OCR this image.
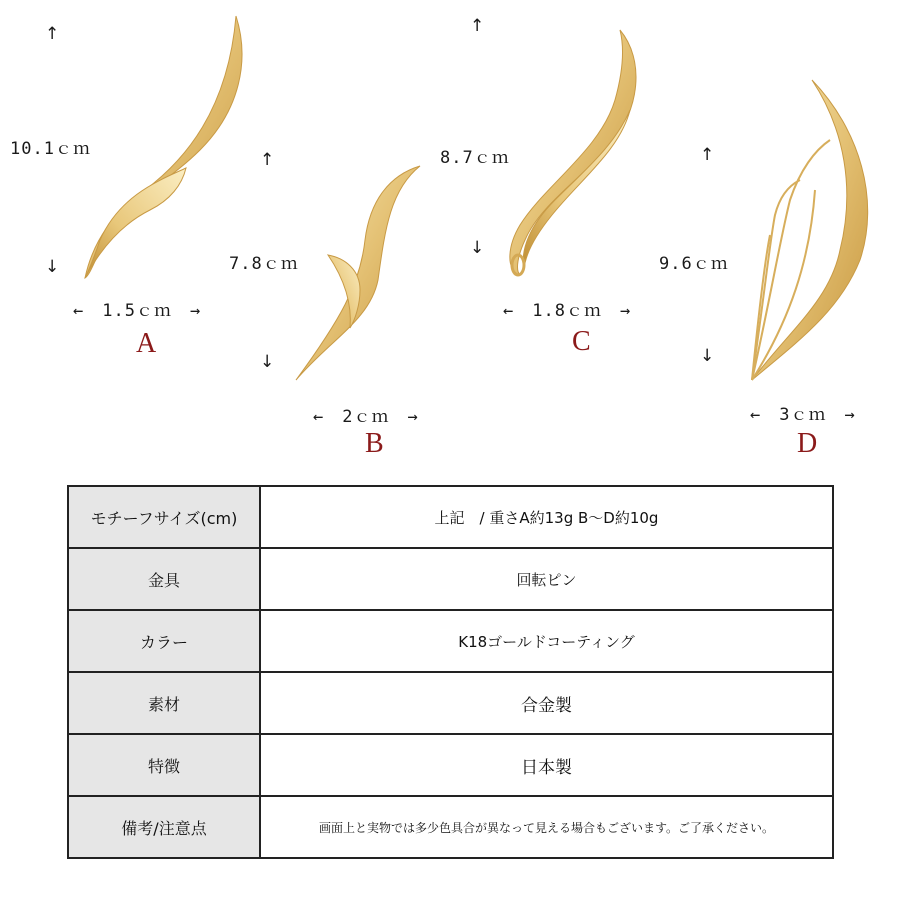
↑
10.1ｃｍ
↓
←　1.5ｃｍ　→
A
↑
7.8ｃｍ
↓
←　2ｃｍ　→
B
↑
8.7ｃｍ
↓
←　1.8ｃｍ　→
C
↑
9.6ｃｍ
↓
←　3ｃｍ　→
D
モチーフサイズ(cm)	上記　/ 重さA約13g B〜D約10g
金具	回転ピン
カラー	K18ゴールドコーティング
素材	合金製
特徴	日本製
備考/注意点	画面上と実物では多少色具合が異なって見える場合もございます。ご了承ください。
